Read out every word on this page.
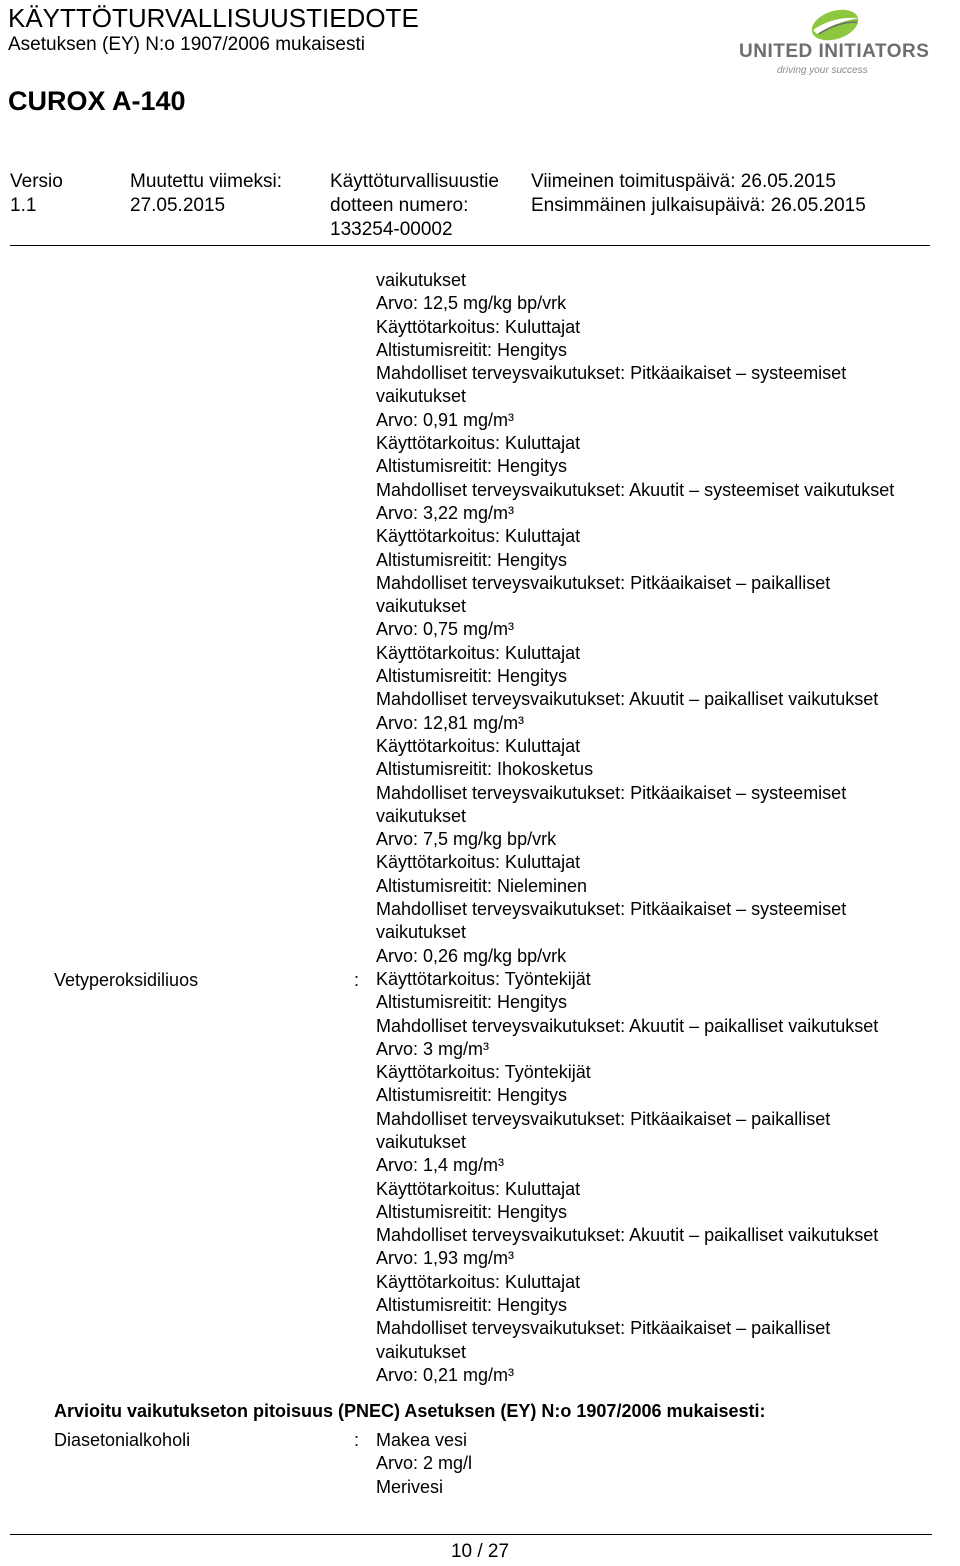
KÄYTTÖTURVALLISUUSTIEDOTE
Asetuksen (EY) N:o 1907/2006 mukaisesti
CUROX A-140
UNITED INITIATORS
driving your success
Versio
1.1
Muutettu viimeksi:
27.05.2015
Käyttöturvallisuustie
dotteen numero:
133254-00002
Viimeinen toimituspäivä: 26.05.2015
Ensimmäinen julkaisupäivä: 26.05.2015
Vetyperoksidiliuos	:
vaikutukset
Arvo: 12,5 mg/kg bp/vrk
Käyttötarkoitus: Kuluttajat
Altistumisreitit: Hengitys
Mahdolliset terveysvaikutukset: Pitkäaikaiset – systeemiset
vaikutukset
Arvo: 0,91 mg/m³
Käyttötarkoitus: Kuluttajat
Altistumisreitit: Hengitys
Mahdolliset terveysvaikutukset: Akuutit – systeemiset vaikutukset
Arvo: 3,22 mg/m³
Käyttötarkoitus: Kuluttajat
Altistumisreitit: Hengitys
Mahdolliset terveysvaikutukset: Pitkäaikaiset – paikalliset
vaikutukset
Arvo: 0,75 mg/m³
Käyttötarkoitus: Kuluttajat
Altistumisreitit: Hengitys
Mahdolliset terveysvaikutukset: Akuutit – paikalliset vaikutukset
Arvo: 12,81 mg/m³
Käyttötarkoitus: Kuluttajat
Altistumisreitit: Ihokosketus
Mahdolliset terveysvaikutukset: Pitkäaikaiset – systeemiset
vaikutukset
Arvo: 7,5 mg/kg bp/vrk
Käyttötarkoitus: Kuluttajat
Altistumisreitit: Nieleminen
Mahdolliset terveysvaikutukset: Pitkäaikaiset – systeemiset
vaikutukset
Arvo: 0,26 mg/kg bp/vrk
Käyttötarkoitus: Työntekijät
Altistumisreitit: Hengitys
Mahdolliset terveysvaikutukset: Akuutit – paikalliset vaikutukset
Arvo: 3 mg/m³
Käyttötarkoitus: Työntekijät
Altistumisreitit: Hengitys
Mahdolliset terveysvaikutukset: Pitkäaikaiset – paikalliset
vaikutukset
Arvo: 1,4 mg/m³
Käyttötarkoitus: Kuluttajat
Altistumisreitit: Hengitys
Mahdolliset terveysvaikutukset: Akuutit – paikalliset vaikutukset
Arvo: 1,93 mg/m³
Käyttötarkoitus: Kuluttajat
Altistumisreitit: Hengitys
Mahdolliset terveysvaikutukset: Pitkäaikaiset – paikalliset
vaikutukset
Arvo: 0,21 mg/m³
Arvioitu vaikutukseton pitoisuus (PNEC) Asetuksen (EY) N:o 1907/2006 mukaisesti:
Diasetonialkoholi	: Makea vesi
Arvo: 2 mg/l
Merivesi
10 / 27
